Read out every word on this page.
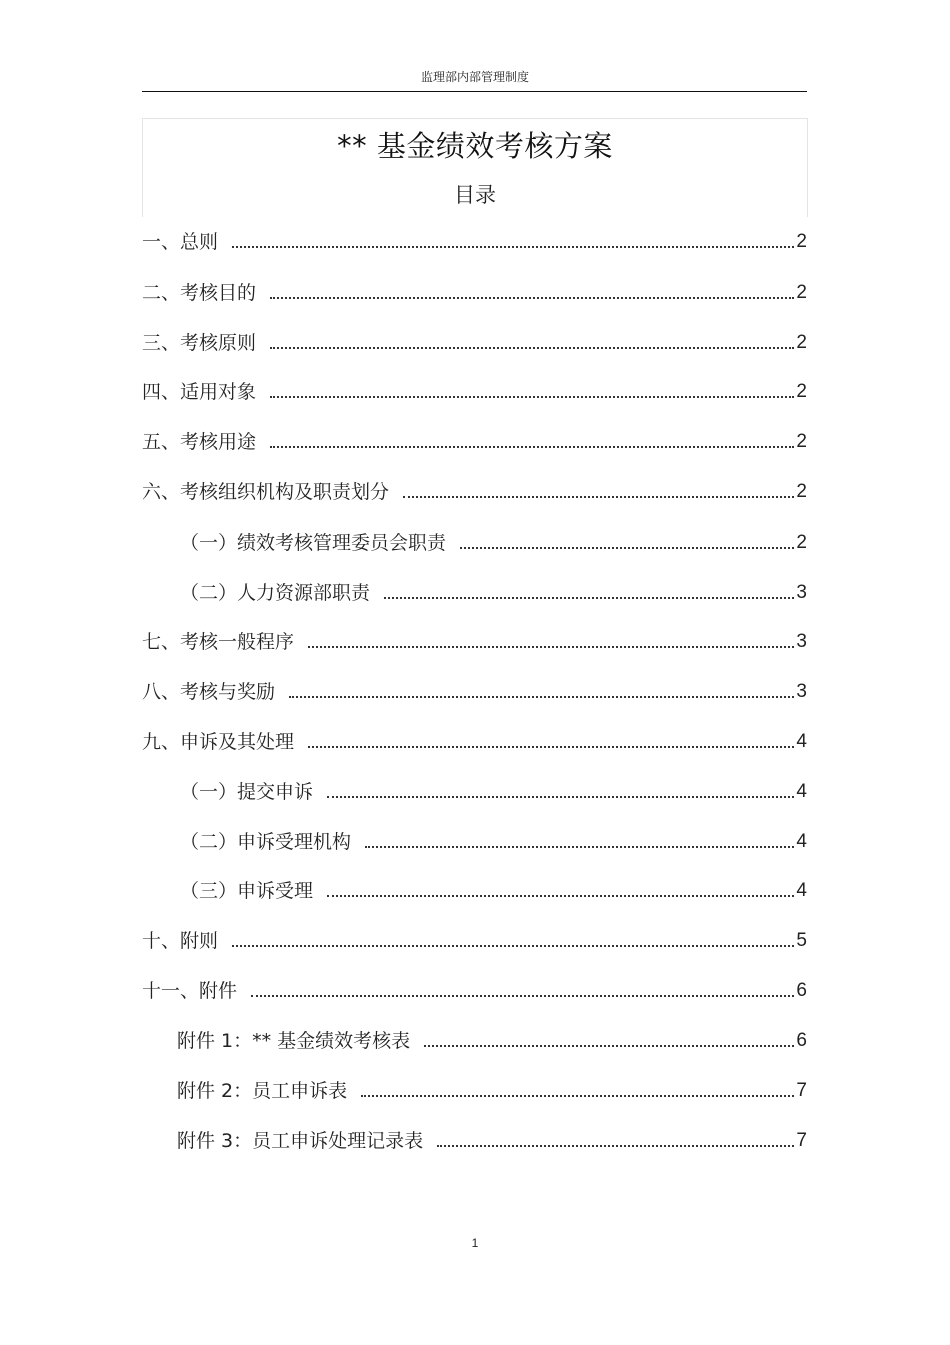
监理部内部管理制度
** 基金绩效考核方案
目录
一、总则	2
二、考核目的	2
三、考核原则	2
四、适用对象	2
五、考核用途	2
六、考核组织机构及职责划分	2
（一）绩效考核管理委员会职责	2
（二）人力资源部职责	3
七、考核一般程序	3
八、考核与奖励	3
九、申诉及其处理	4
（一）提交申诉	4
（二）申诉受理机构	4
（三）申诉受理	4
十、附则	5
十一、附件	6
附件 1：** 基金绩效考核表	6
附件 2：员工申诉表	7
附件 3：员工申诉处理记录表	7
1
